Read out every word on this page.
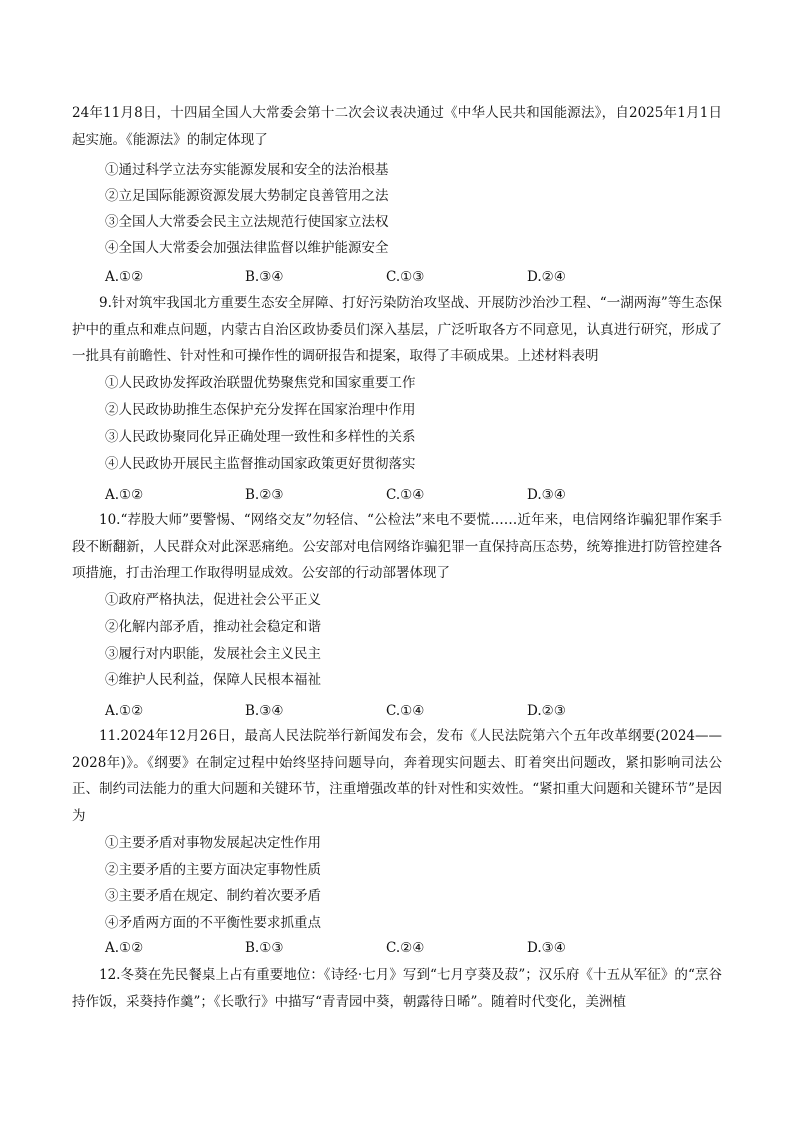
24年11月8日，十四届全国人大常委会第十二次会议表决通过《中华人民共和国能源法》，自2025年1月1日起实施。《能源法》的制定体现了

①通过科学立法夯实能源发展和安全的法治根基
②立足国际能源资源发展大势制定良善管用之法
③全国人大常委会民主立法规范行使国家立法权
④全国人大常委会加强法律监督以维护能源安全
A.①②	B.③④	C.①③	D.②④

9.针对筑牢我国北方重要生态安全屏障、打好污染防治攻坚战、开展防沙治沙工程、“一湖两海”等生态保护中的重点和难点问题，内蒙古自治区政协委员们深入基层，广泛听取各方不同意见，认真进行研究，形成了一批具有前瞻性、针对性和可操作性的调研报告和提案，取得了丰硕成果。上述材料表明

①人民政协发挥政治联盟优势聚焦党和国家重要工作
②人民政协助推生态保护充分发挥在国家治理中作用
③人民政协聚同化异正确处理一致性和多样性的关系
④人民政协开展民主监督推动国家政策更好贯彻落实
A.①②	B.②③	C.①④	D.③④

10.“荐股大师”要警惕、“网络交友”勿轻信、“公检法”来电不要慌……近年来，电信网络诈骗犯罪作案手段不断翻新，人民群众对此深恶痛绝。公安部对电信网络诈骗犯罪一直保持高压态势，统筹推进打防管控建各项措施，打击治理工作取得明显成效。公安部的行动部署体现了

①政府严格执法，促进社会公平正义
②化解内部矛盾，推动社会稳定和谐
③履行对内职能，发展社会主义民主
④维护人民利益，保障人民根本福祉
A.①②	B.③④	C.①④	D.②③

11.2024年12月26日，最高人民法院举行新闻发布会，发布《人民法院第六个五年改革纲要(2024——2028年)》。《纲要》在制定过程中始终坚持问题导向，奔着现实问题去、盯着突出问题改，紧扣影响司法公正、制约司法能力的重大问题和关键环节，注重增强改革的针对性和实效性。“紧扣重大问题和关键环节”是因为

①主要矛盾对事物发展起决定性作用
②主要矛盾的主要方面决定事物性质
③主要矛盾在规定、制约着次要矛盾
④矛盾两方面的不平衡性要求抓重点
A.①②	B.①③	C.②④	D.③④

12.冬葵在先民餐桌上占有重要地位：《诗经·七月》写到“七月亨葵及菽”；汉乐府《十五从军征》的“烹谷持作饭，采葵持作羹”；《长歌行》中描写“青青园中葵，朝露待日晞”。随着时代变化，美洲植
